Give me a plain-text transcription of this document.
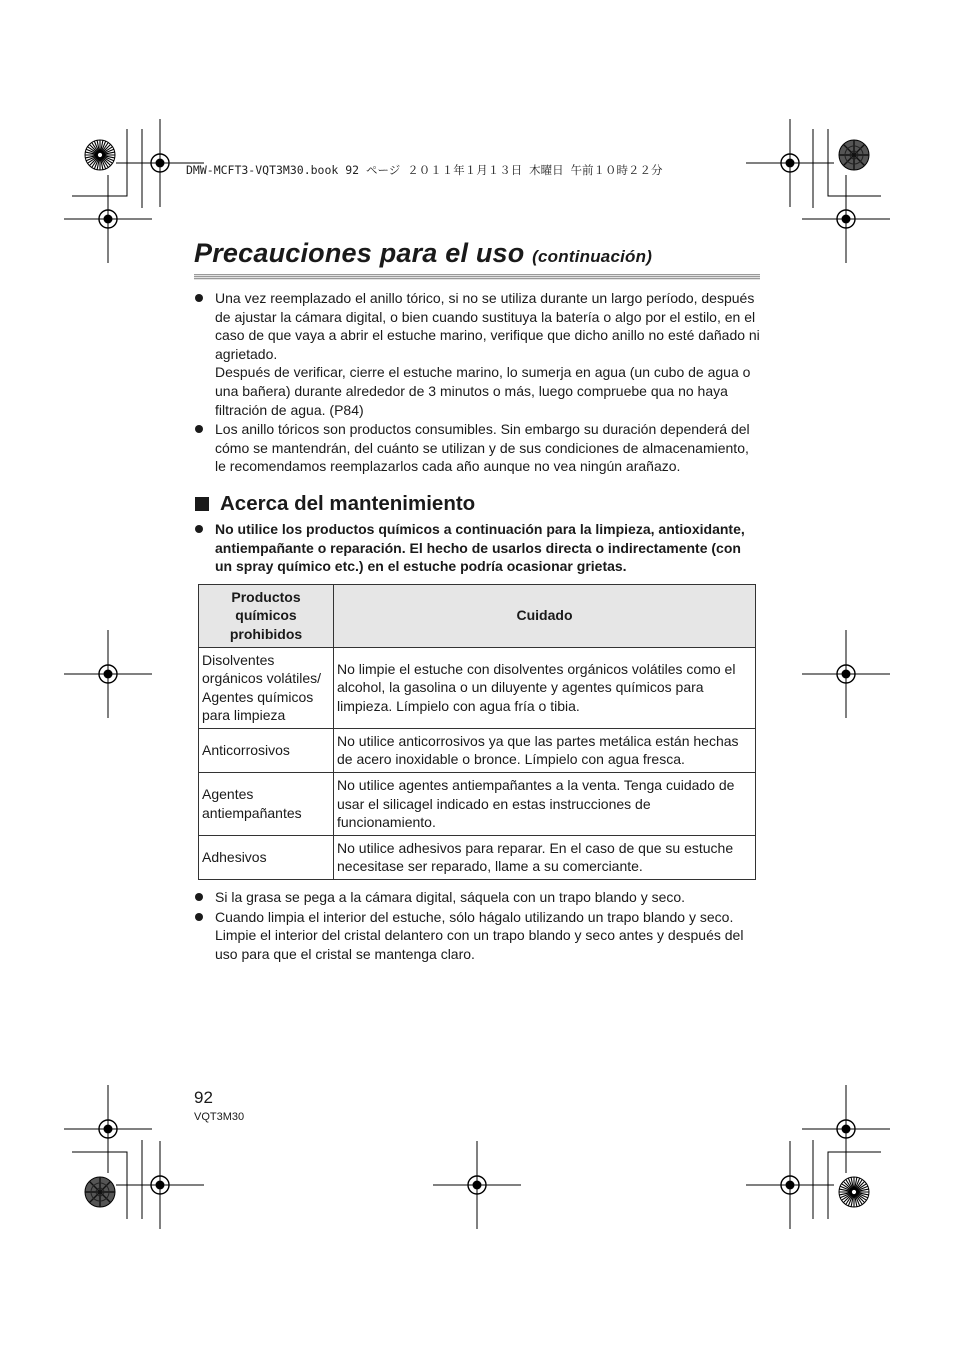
DMW-MCFT3-VQT3M30.book 92 ページ ２０１１年１月１３日 木曜日 午前１０時２２分
Precauciones para el uso (continuación)
Una vez reemplazado el anillo tórico, si no se utiliza durante un largo período, después de ajustar la cámara digital, o bien cuando sustituya la batería o algo por el estilo, en el caso de que vaya a abrir el estuche marino, verifique que dicho anillo no esté dañado ni agrietado.
Después de verificar, cierre el estuche marino, lo sumerja en agua (un cubo de agua o una bañera) durante alrededor de 3 minutos o más, luego compruebe qua no haya filtración de agua. (P84)
Los anillo tóricos son productos consumibles. Sin embargo su duración dependerá del cómo se mantendrán, del cuánto se utilizan y de sus condiciones de almacenamiento, le recomendamos reemplazarlos cada año aunque no vea ningún arañazo.
Acerca del mantenimiento
No utilice los productos químicos a continuación para la limpieza, antioxidante, antiempañante o reparación. El hecho de usarlos directa o indirectamente (con un spray químico etc.) en el estuche podría ocasionar grietas.
Productos químicos prohibidos	Cuidado
Disolventes orgánicos volátiles/ Agentes químicos para limpieza	No limpie el estuche con disolventes orgánicos volátiles como el alcohol, la gasolina o un diluyente y agentes químicos para limpieza. Límpielo con agua fría o tibia.
Anticorrosivos	No utilice anticorrosivos ya que las partes metálica están hechas de acero inoxidable o bronce. Límpielo con agua fresca.
Agentes antiempañantes	No utilice agentes antiempañantes a la venta. Tenga cuidado de usar el silicagel indicado en estas instrucciones de funcionamiento.
Adhesivos	No utilice adhesivos para reparar. En el caso de que su estuche necesitase ser reparado, llame a su comerciante.
Si la grasa se pega a la cámara digital, sáquela con un trapo blando y seco.
Cuando limpia el interior del estuche, sólo hágalo utilizando un trapo blando y seco. Limpie el interior del cristal delantero con un trapo blando y seco antes y después del uso para que el cristal se mantenga claro.
92
VQT3M30
